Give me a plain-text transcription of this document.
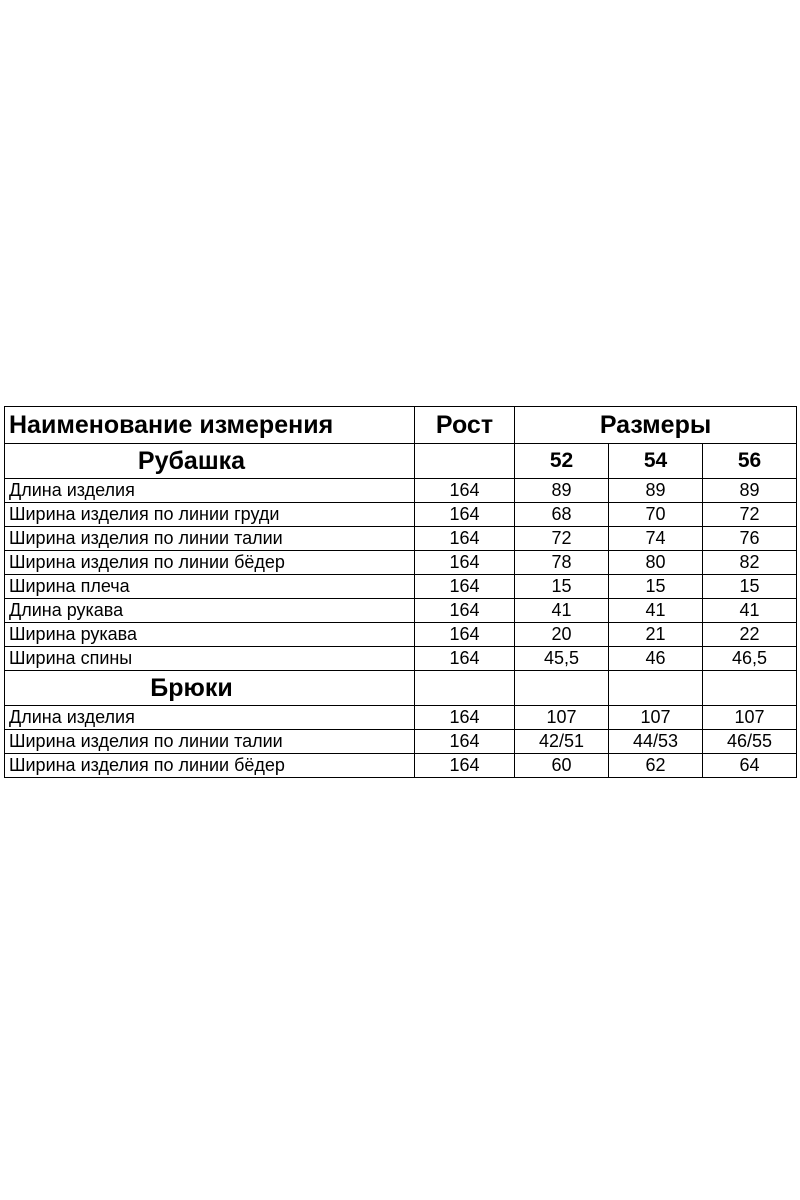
Наименование измерения	Рост	Размеры		
Рубашка		52	54	56
Длина изделия	164	89	89	89
Ширина изделия по линии груди	164	68	70	72
Ширина изделия по линии талии	164	72	74	76
Ширина изделия по линии бёдер	164	78	80	82
Ширина плеча	164	15	15	15
Длина рукава	164	41	41	41
Ширина рукава	164	20	21	22
Ширина спины	164	45,5	46	46,5
Брюки				
Длина изделия	164	107	107	107
Ширина изделия по линии талии	164	42/51	44/53	46/55
Ширина изделия по линии бёдер	164	60	62	64
